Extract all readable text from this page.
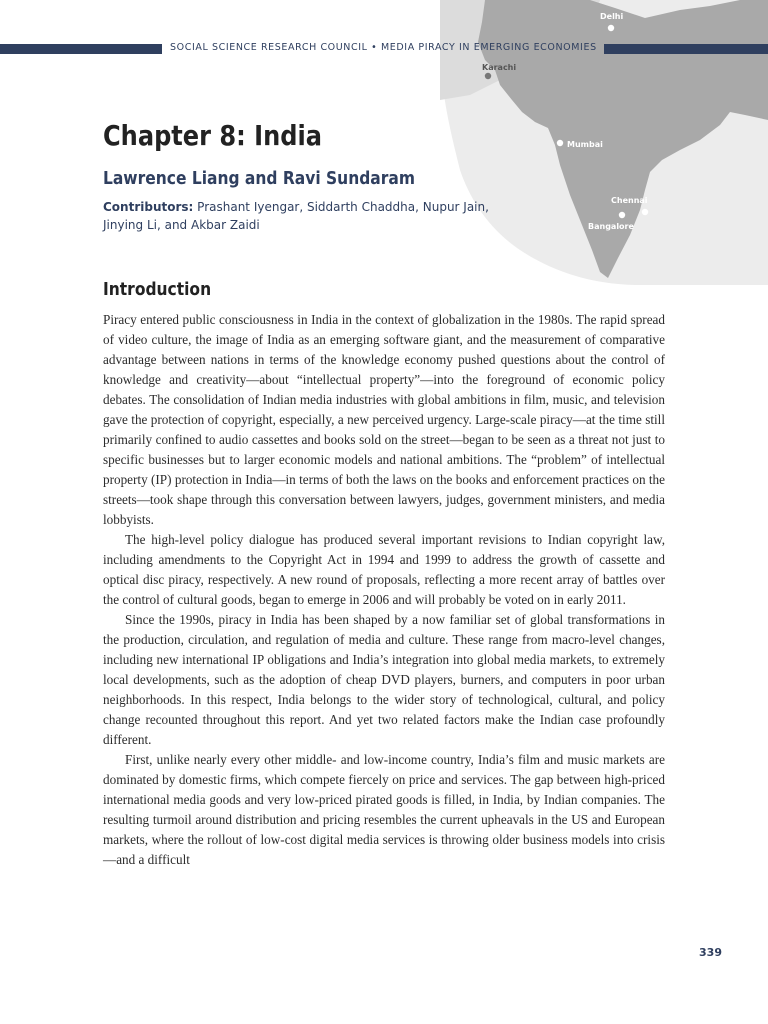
Delhi
Karachi
Mumbai
Chennai
Bangalore
SOCIAL SCIENCE RESEARCH COUNCIL • MEDIA PIRACY IN EMERGING ECONOMIES
Chapter 8: India
Lawrence Liang and Ravi Sundaram
Contributors: Prashant Iyengar, Siddarth Chaddha, Nupur Jain, Jinying Li, and Akbar Zaidi
Introduction

Piracy entered public consciousness in India in the context of globalization in the 1980s. The rapid spread of video culture, the image of India as an emerging software giant, and the measurement of comparative advantage between nations in terms of the knowledge economy pushed questions about the control of knowledge and creativity—about “intellectual property”—into the foreground of economic policy debates. The consolidation of Indian media industries with global ambitions in film, music, and television gave the protection of copyright, especially, a new perceived urgency. Large-scale piracy—at the time still primarily confined to audio cassettes and books sold on the street—began to be seen as a threat not just to specific businesses but to larger economic models and national ambitions. The “problem” of intellectual property (IP) protection in India—in terms of both the laws on the books and enforcement practices on the streets—took shape through this conversation between lawyers, judges, government ministers, and media lobbyists.

The high-level policy dialogue has produced several important revisions to Indian copyright law, including amendments to the Copyright Act in 1994 and 1999 to address the growth of cassette and optical disc piracy, respectively. A new round of proposals, reflecting a more recent array of battles over the control of cultural goods, began to emerge in 2006 and will probably be voted on in early 2011.

Since the 1990s, piracy in India has been shaped by a now familiar set of global transformations in the production, circulation, and regulation of media and culture. These range from macro-level changes, including new international IP obligations and India’s integration into global media markets, to extremely local developments, such as the adoption of cheap DVD players, burners, and computers in poor urban neighborhoods. In this respect, India belongs to the wider story of technological, cultural, and policy change recounted throughout this report. And yet two related factors make the Indian case profoundly different.

First, unlike nearly every other middle- and low-income country, India’s film and music markets are dominated by domestic firms, which compete fiercely on price and services. The gap between high-priced international media goods and very low-priced pirated goods is filled, in India, by Indian companies. The resulting turmoil around distribution and pricing resembles the current upheavals in the US and European markets, where the rollout of low-cost digital media services is throwing older business models into crisis—and a difficult

339
